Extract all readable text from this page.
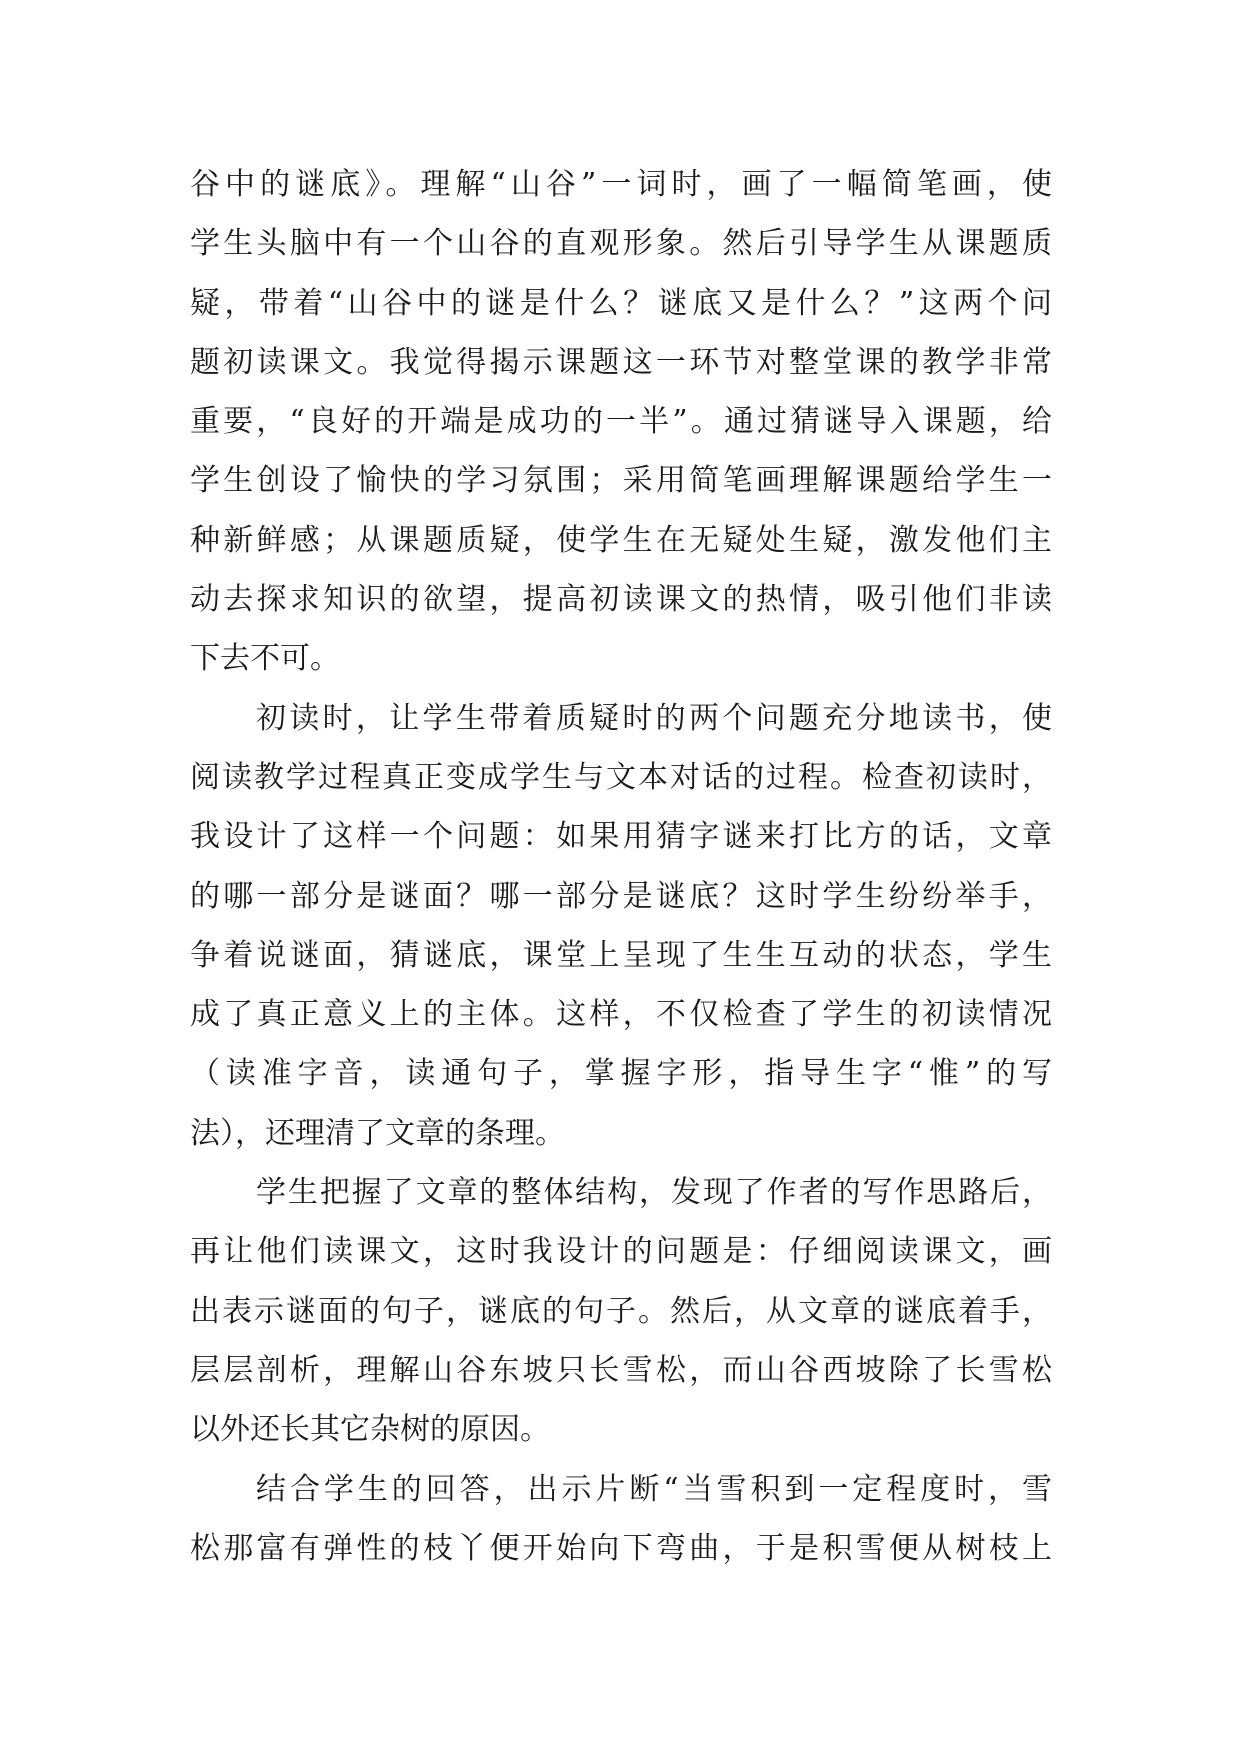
谷中的谜底》。理解“山谷”一词时，画了一幅简笔画，使
学生头脑中有一个山谷的直观形象。然后引导学生从课题质
疑，带着“山谷中的谜是什么？谜底又是什么？”这两个问
题初读课文。我觉得揭示课题这一环节对整堂课的教学非常
重要，“良好的开端是成功的一半”。通过猜谜导入课题，给
学生创设了愉快的学习氛围；采用简笔画理解课题给学生一
种新鲜感；从课题质疑，使学生在无疑处生疑，激发他们主
动去探求知识的欲望，提高初读课文的热情，吸引他们非读
下去不可。
初读时，让学生带着质疑时的两个问题充分地读书，使
阅读教学过程真正变成学生与文本对话的过程。检查初读时，
我设计了这样一个问题：如果用猜字谜来打比方的话，文章
的哪一部分是谜面？哪一部分是谜底？这时学生纷纷举手，
争着说谜面，猜谜底，课堂上呈现了生生互动的状态，学生
成了真正意义上的主体。这样，不仅检查了学生的初读情况
（读准字音，读通句子，掌握字形，指导生字“惟”的写
法），还理清了文章的条理。
学生把握了文章的整体结构，发现了作者的写作思路后，
再让他们读课文，这时我设计的问题是：仔细阅读课文，画
出表示谜面的句子，谜底的句子。然后，从文章的谜底着手，
层层剖析，理解山谷东坡只长雪松，而山谷西坡除了长雪松
以外还长其它杂树的原因。
结合学生的回答，出示片断“当雪积到一定程度时，雪
松那富有弹性的枝丫便开始向下弯曲，于是积雪便从树枝上
